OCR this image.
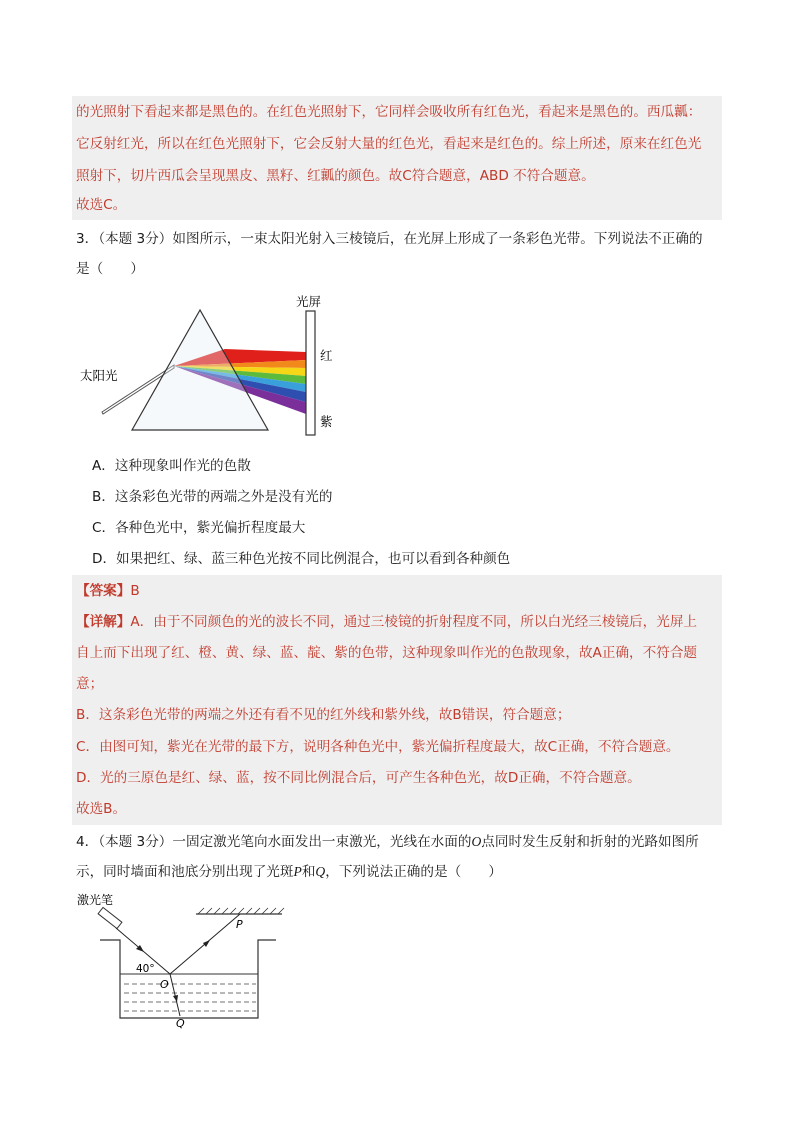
的光照射下看起来都是黑色的。在红色光照射下，它同样会吸收所有红色光，看起来是黑色的。西瓜瓤：
它反射红光，所以在红色光照射下，它会反射大量的红色光，看起来是红色的。综上所述，原来在红色光
照射下，切片西瓜会呈现黑皮、黑籽、红瓤的颜色。故C符合题意，ABD 不符合题意。
故选C。
3．（本题 3分）如图所示，一束太阳光射入三棱镜后，在光屏上形成了一条彩色光带。下列说法不正确的
是（　　）
光屏
太阳光
红
紫
A．这种现象叫作光的色散
B．这条彩色光带的两端之外是没有光的
C．各种色光中，紫光偏折程度最大
D．如果把红、绿、蓝三种色光按不同比例混合，也可以看到各种颜色
【答案】B
【详解】A．由于不同颜色的光的波长不同，通过三棱镜的折射程度不同，所以白光经三棱镜后，光屏上
自上而下出现了红、橙、黄、绿、蓝、靛、紫的色带，这种现象叫作光的色散现象，故A正确，不符合题
意；
B．这条彩色光带的两端之外还有看不见的红外线和紫外线，故B错误，符合题意；
C．由图可知，紫光在光带的最下方，说明各种色光中，紫光偏折程度最大，故C正确，不符合题意。
D．光的三原色是红、绿、蓝，按不同比例混合后，可产生各种色光，故D正确，不符合题意。
故选B。
4．（本题 3分）一固定激光笔向水面发出一束激光，光线在水面的O点同时发生反射和折射的光路如图所
示，同时墙面和池底分别出现了光斑P和Q，下列说法正确的是（　　）
激光笔
40°
O
P
Q
